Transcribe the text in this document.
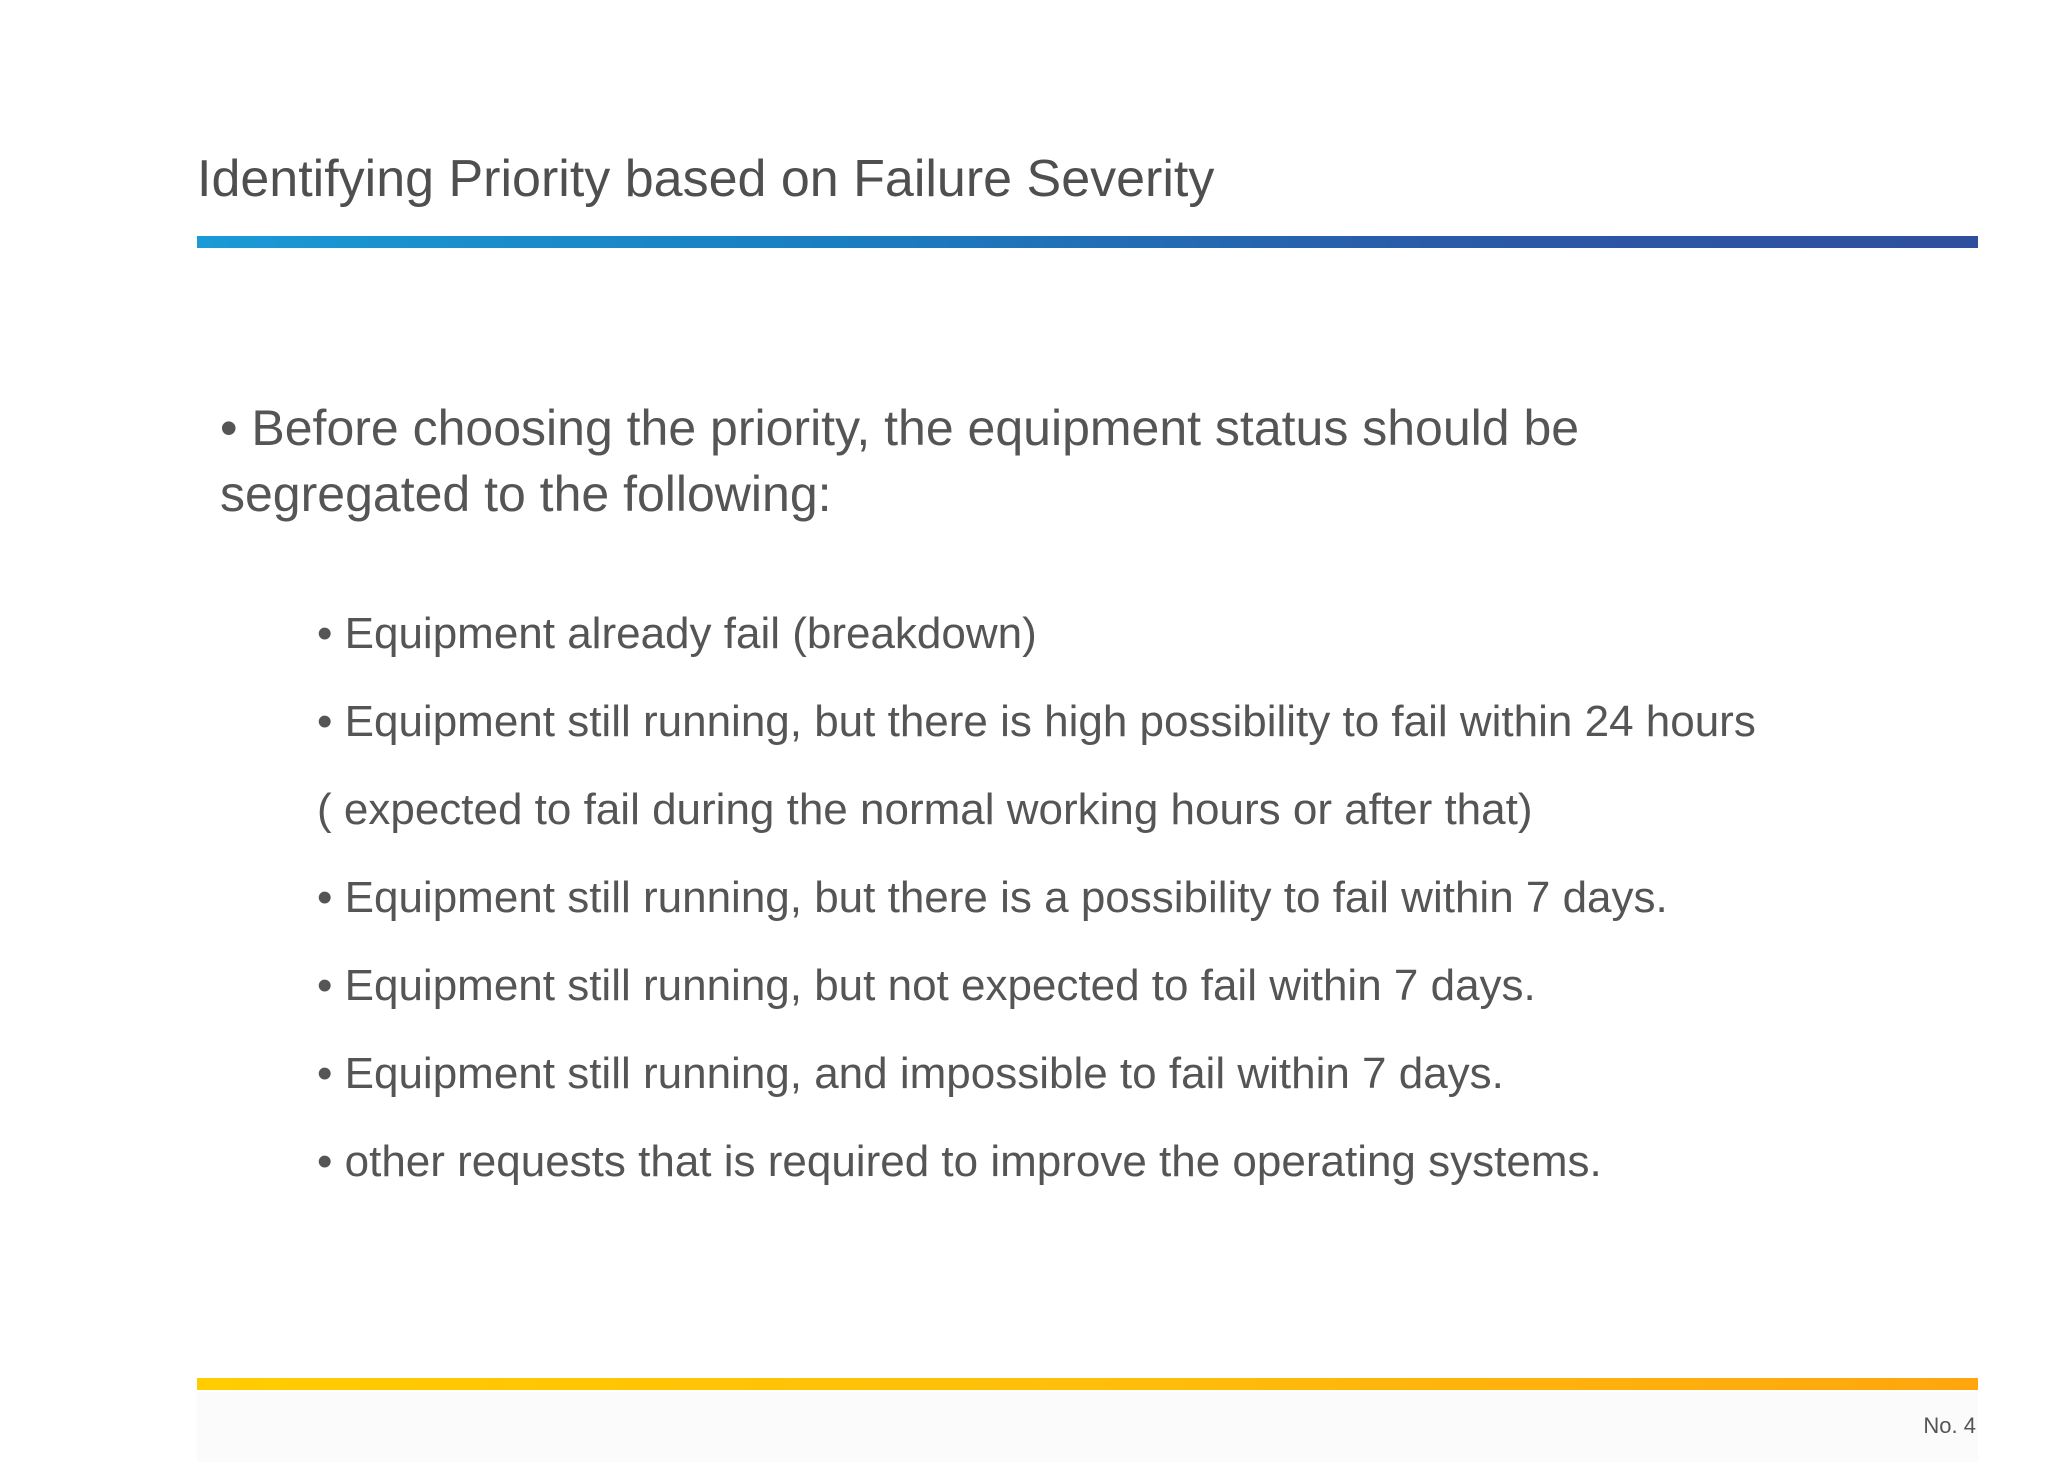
Identifying Priority based on Failure Severity
• Before choosing the priority, the equipment status should be segregated to the following:
• Equipment already fail (breakdown)
• Equipment still running, but there is high possibility to fail within 24 hours
( expected to fail during the normal working hours or after that)
• Equipment still running, but there is a possibility to fail within 7 days.
• Equipment still running, but not expected to fail within 7 days.
• Equipment still running, and impossible to fail within 7 days.
• other requests that is required to improve the operating systems.
No. 4
